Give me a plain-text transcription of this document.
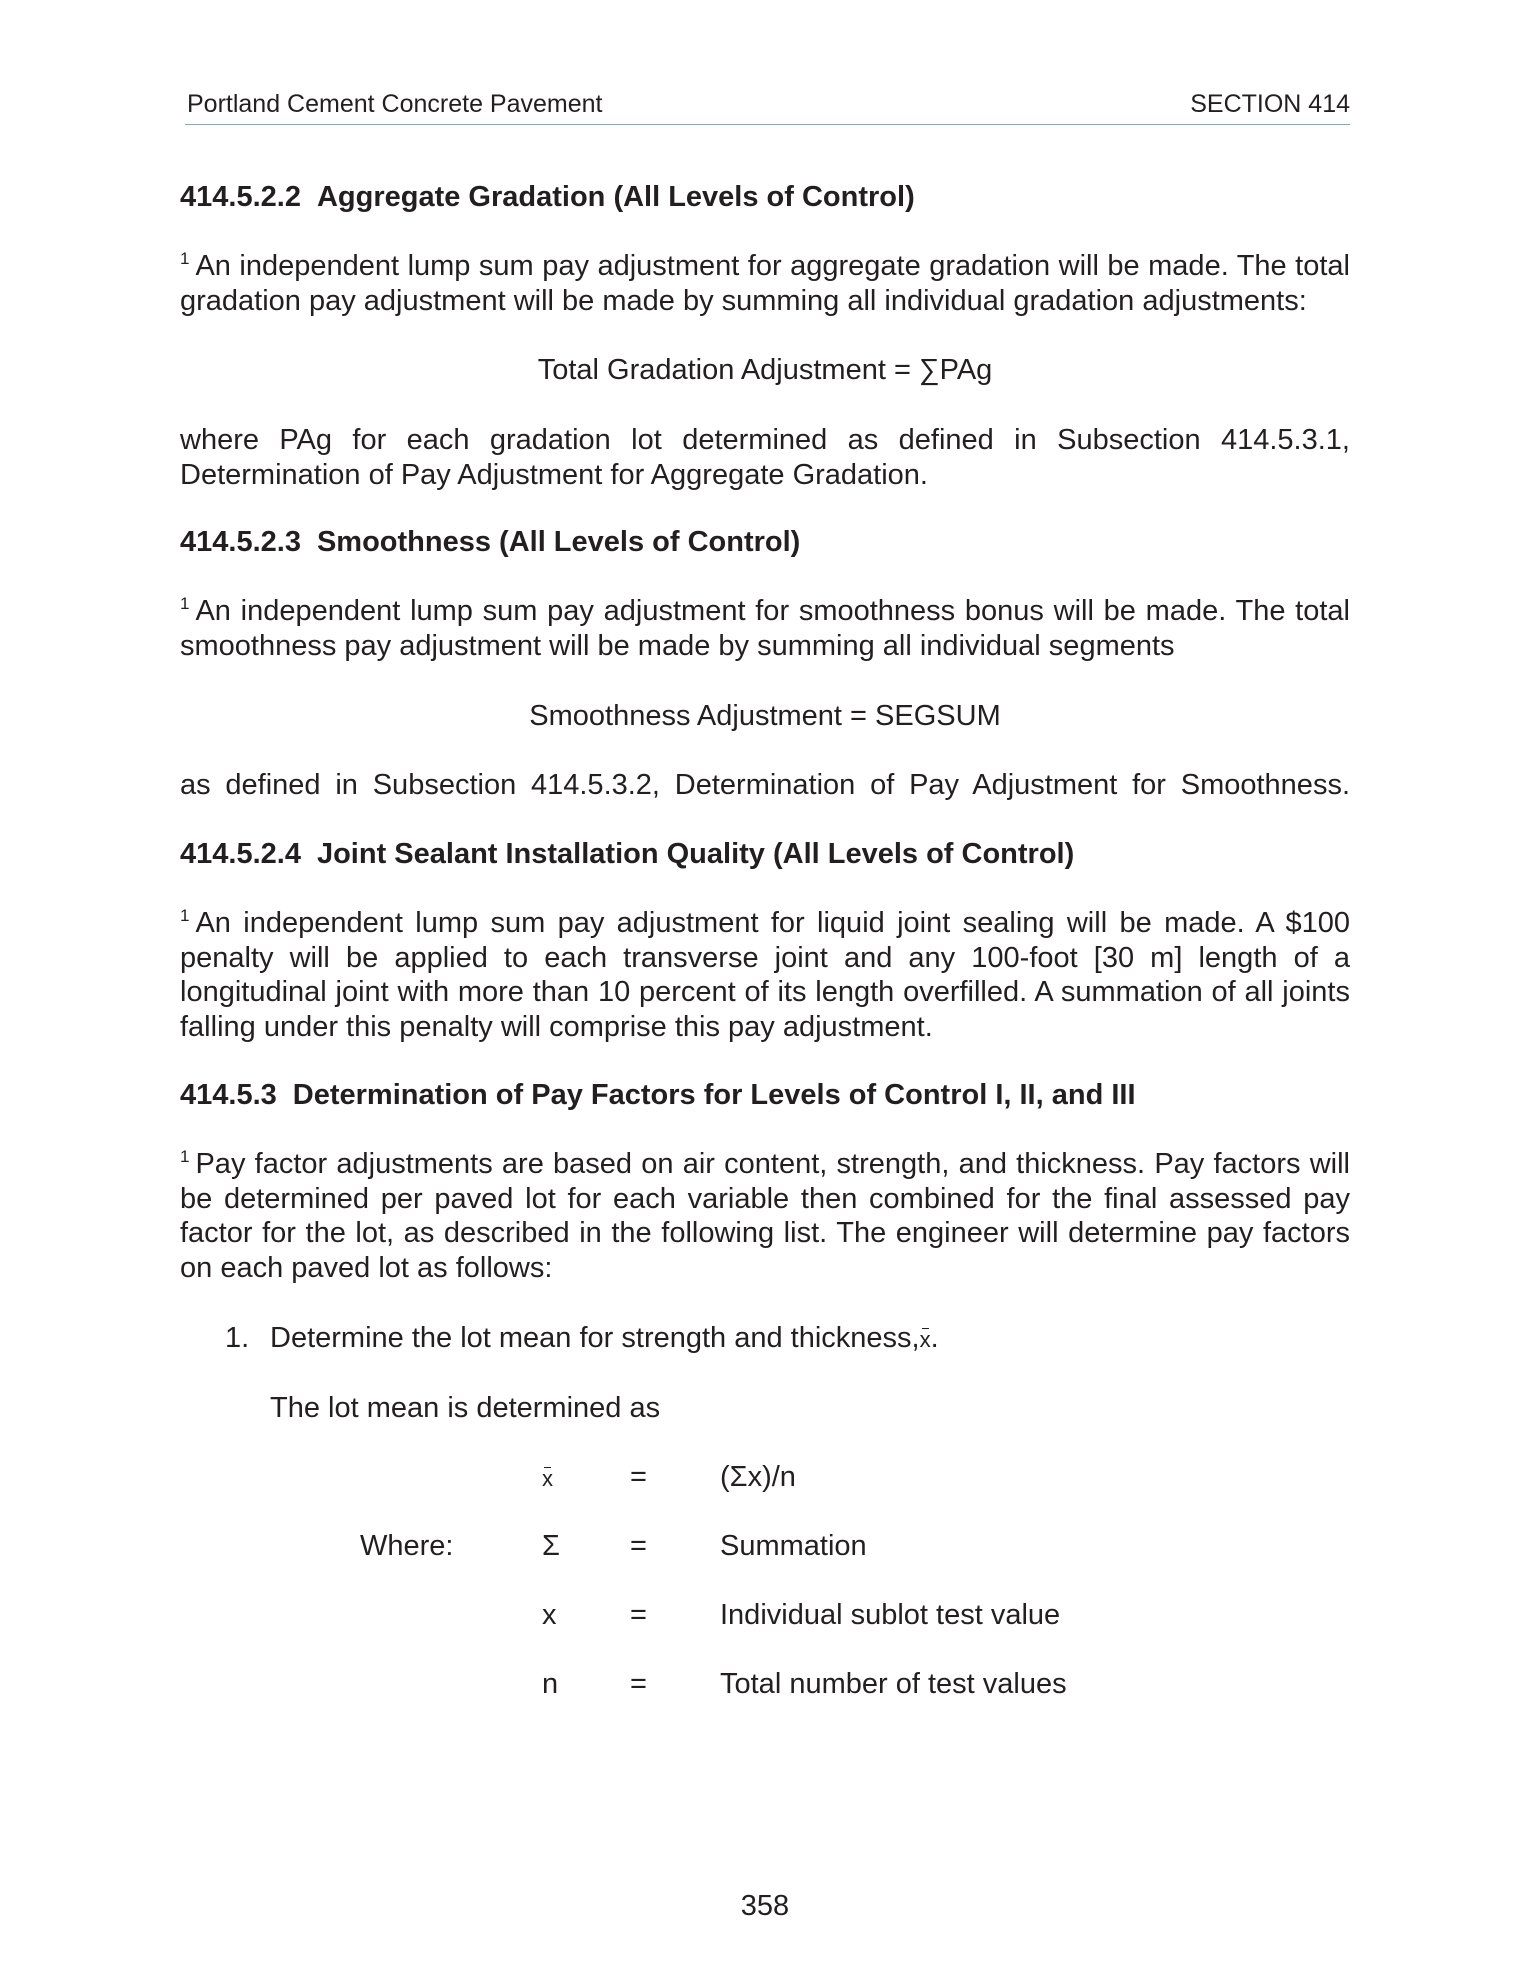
Portland Cement Concrete Pavement	SECTION 414
414.5.2.2 Aggregate Gradation (All Levels of Control)

$^1$ An independent lump sum pay adjustment for aggregate gradation will be made. The total gradation pay adjustment will be made by summing all individual gradation adjustments:

Total Gradation Adjustment = ∑PAg

where PAg for each gradation lot determined as defined in Subsection 414.5.3.1, Determination of Pay Adjustment for Aggregate Gradation.

414.5.2.3 Smoothness (All Levels of Control)

$^1$ An independent lump sum pay adjustment for smoothness bonus will be made. The total smoothness pay adjustment will be made by summing all individual segments

Smoothness Adjustment = SEGSUM

as defined in Subsection 414.5.3.2, Determination of Pay Adjustment for Smoothness.

414.5.2.4 Joint Sealant Installation Quality (All Levels of Control)

$^1$ An independent lump sum pay adjustment for liquid joint sealing will be made. A $100 penalty will be applied to each transverse joint and any 100-foot [30 m] length of a longitudinal joint with more than 10 percent of its length overfilled. A summation of all joints falling under this penalty will comprise this pay adjustment.

414.5.3 Determination of Pay Factors for Levels of Control I, II, and III

$^1$ Pay factor adjustments are based on air content, strength, and thickness. Pay factors will be determined per paved lot for each variable then combined for the final assessed pay factor for the lot, as described in the following list. The engineer will determine pay factors on each paved lot as follows:

1. Determine the lot mean for strength and thickness,x.
The lot mean is determined as
x	=	(Σx)/n
Where:	Σ =	Summation
x	=	Individual sublot test value
n =	Total number of test values
358
